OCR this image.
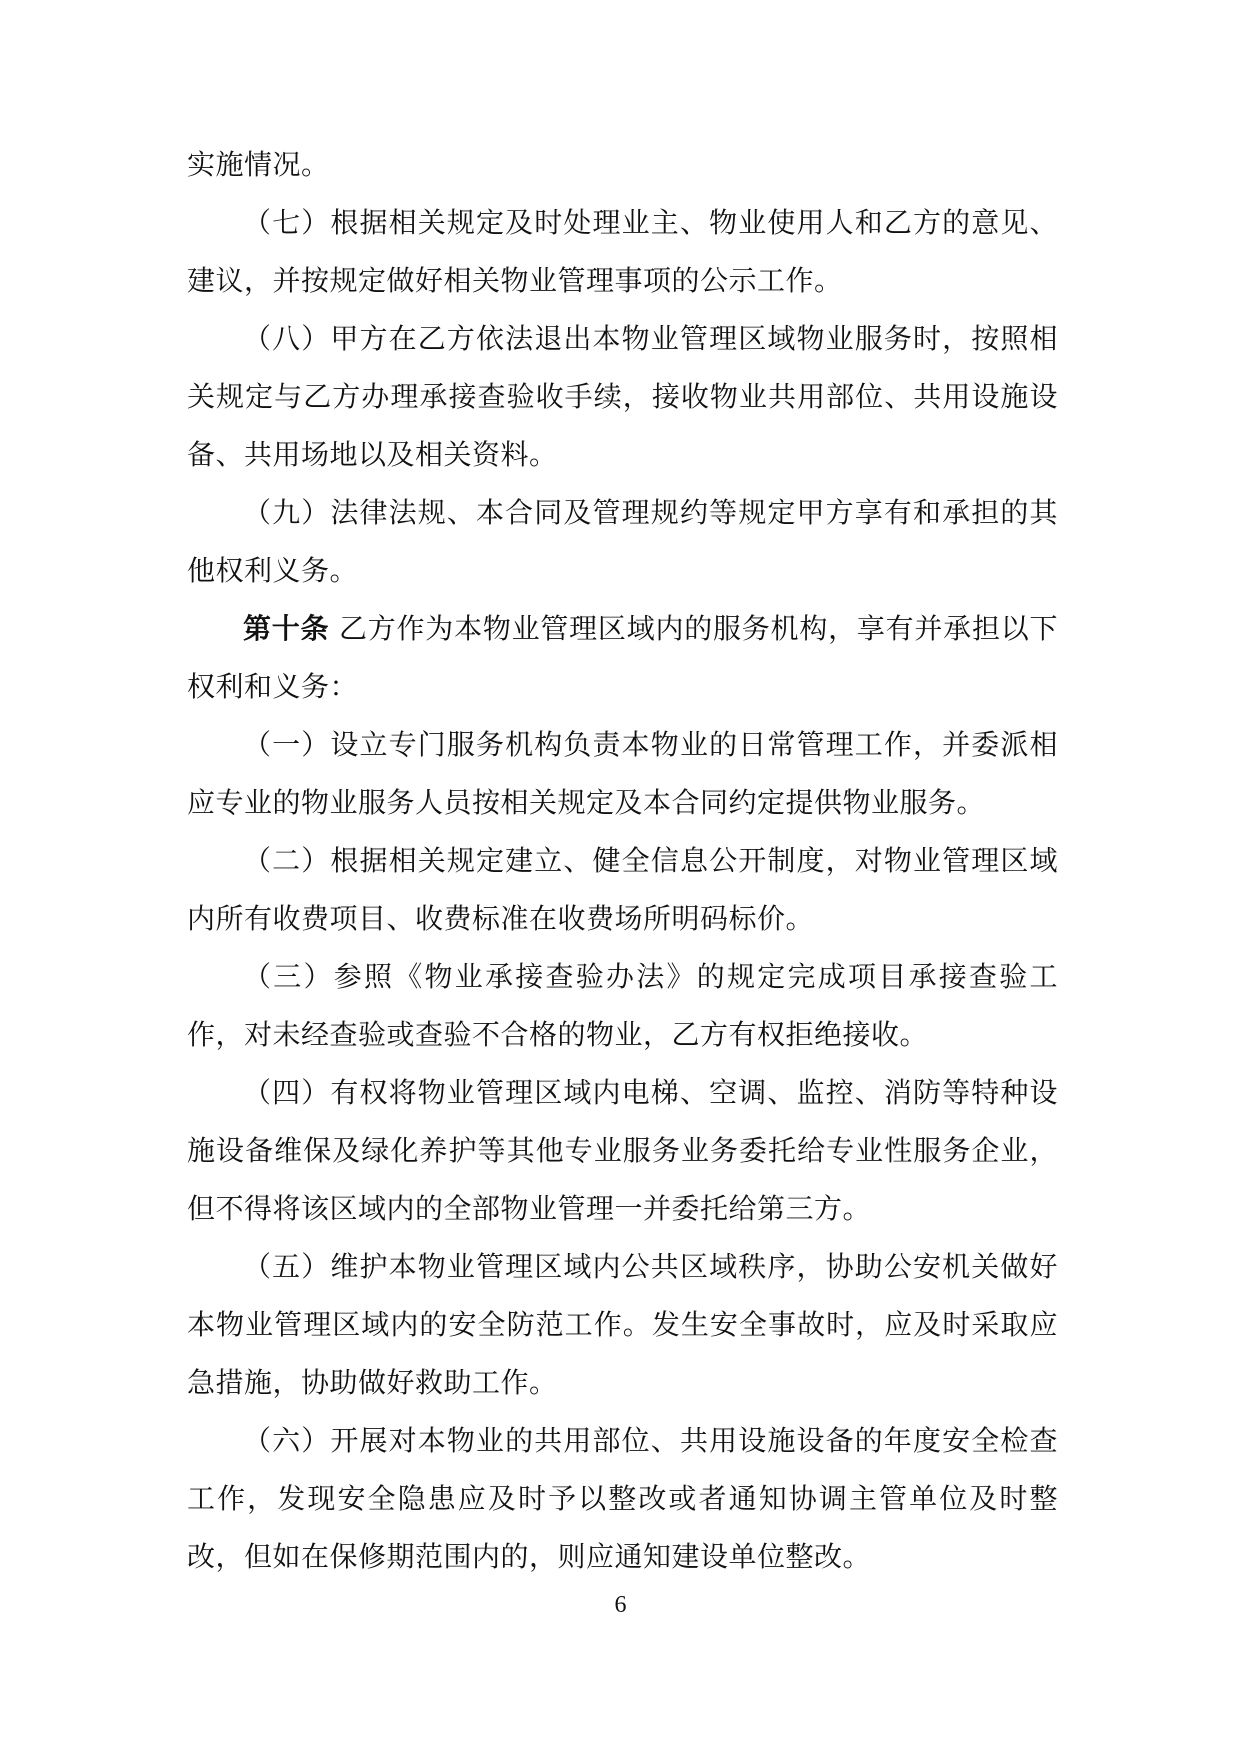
实施情况。

（七）根据相关规定及时处理业主、物业使用人和乙方的意见、建议，并按规定做好相关物业管理事项的公示工作。

（八）甲方在乙方依法退出本物业管理区域物业服务时，按照相关规定与乙方办理承接查验收手续，接收物业共用部位、共用设施设备、共用场地以及相关资料。

（九）法律法规、本合同及管理规约等规定甲方享有和承担的其他权利义务。

第十条 乙方作为本物业管理区域内的服务机构，享有并承担以下权利和义务：

（一）设立专门服务机构负责本物业的日常管理工作，并委派相应专业的物业服务人员按相关规定及本合同约定提供物业服务。

（二）根据相关规定建立、健全信息公开制度，对物业管理区域内所有收费项目、收费标准在收费场所明码标价。

（三）参照《物业承接查验办法》的规定完成项目承接查验工作，对未经查验或查验不合格的物业，乙方有权拒绝接收。

（四）有权将物业管理区域内电梯、空调、监控、消防等特种设施设备维保及绿化养护等其他专业服务业务委托给专业性服务企业，但不得将该区域内的全部物业管理一并委托给第三方。

（五）维护本物业管理区域内公共区域秩序，协助公安机关做好本物业管理区域内的安全防范工作。发生安全事故时，应及时采取应急措施，协助做好救助工作。

（六）开展对本物业的共用部位、共用设施设备的年度安全检查工作，发现安全隐患应及时予以整改或者通知协调主管单位及时整改，但如在保修期范围内的，则应通知建设单位整改。

6
